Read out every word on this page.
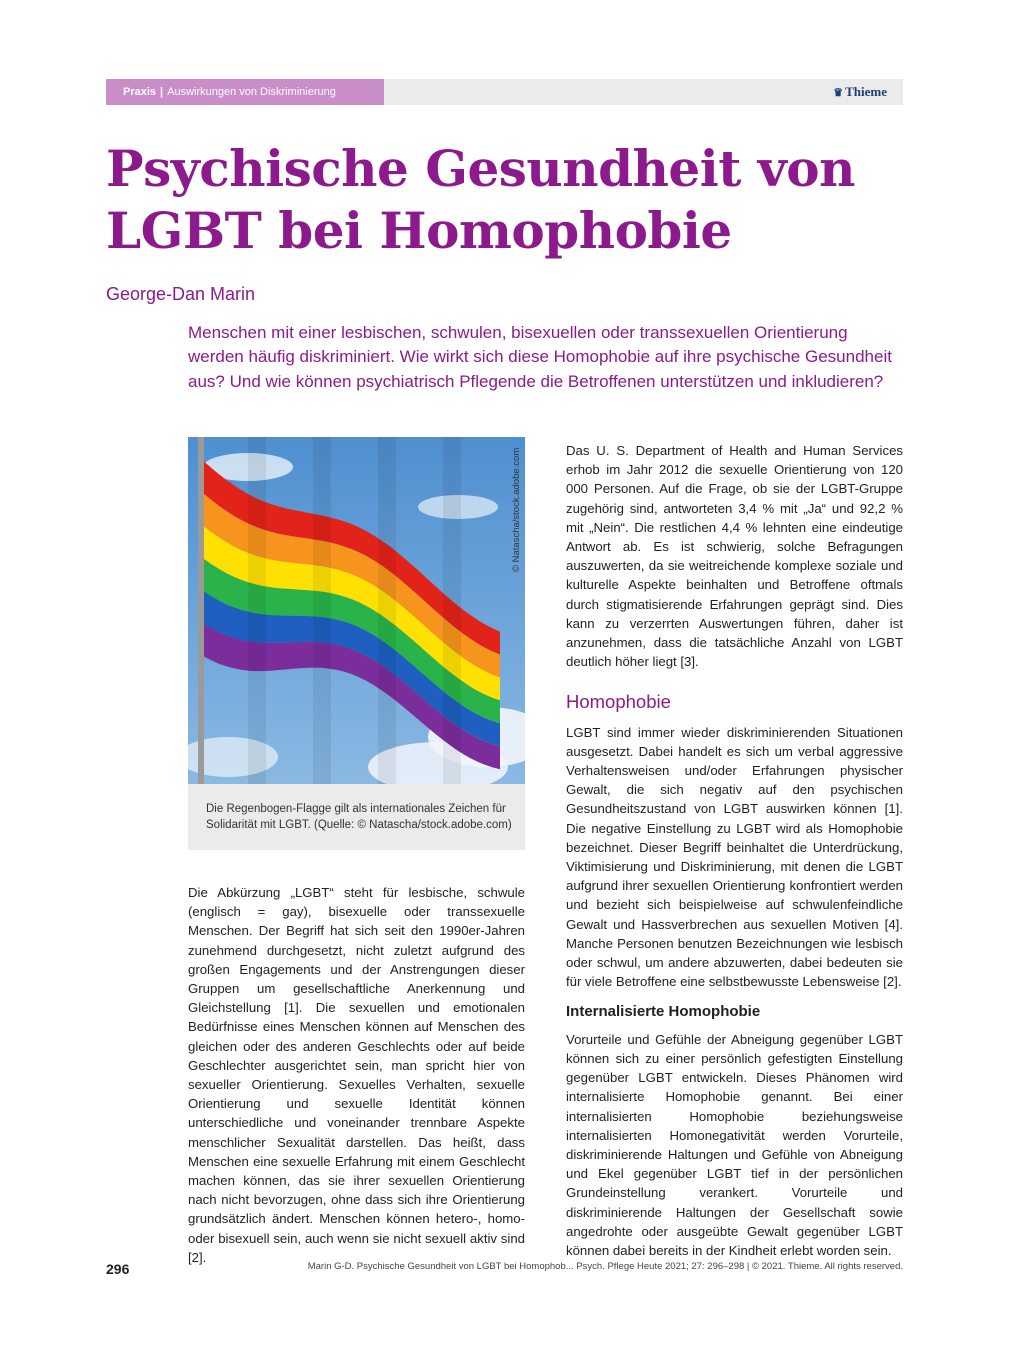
Praxis | Auswirkungen von Diskriminierung	♛ Thieme
Psychische Gesundheit von
LGBT bei Homophobie
George-Dan Marin

Menschen mit einer lesbischen, schwulen, bisexuellen oder transsexuellen Orientierung werden häufig diskriminiert. Wie wirkt sich diese Homophobie auf ihre psychische Gesundheit aus? Und wie können psychiatrisch Pflegende die Betroffenen unterstützen und inkludieren?

© Natascha/stock.adobe.com
Die Regenbogen-Flagge gilt als internationales Zeichen für Solidarität mit LGBT. (Quelle: © Natascha/stock.adobe.com)

Die Abkürzung „LGBT“ steht für lesbische, schwule (englisch = gay), bisexuelle oder transsexuelle Menschen. Der Begriff hat sich seit den 1990er-Jahren zunehmend durchgesetzt, nicht zuletzt aufgrund des großen Engagements und der Anstrengungen dieser Gruppen um gesellschaftliche Anerkennung und Gleichstellung [1]. Die sexuellen und emotionalen Bedürfnisse eines Menschen können auf Menschen des gleichen oder des anderen Geschlechts oder auf beide Geschlechter ausgerichtet sein, man spricht hier von sexueller Orientierung. Sexuelles Verhalten, sexuelle Orientierung und sexuelle Identität können unterschiedliche und voneinander trennbare Aspekte menschlicher Sexualität darstellen. Das heißt, dass Menschen eine sexuelle Erfahrung mit einem Geschlecht machen können, das sie ihrer sexuellen Orientierung nach nicht bevorzugen, ohne dass sich ihre Orientierung grundsätzlich ändert. Menschen können hetero-, homo- oder bisexuell sein, auch wenn sie nicht sexuell aktiv sind [2].

Das U. S. Department of Health and Human Services erhob im Jahr 2012 die sexuelle Orientierung von 120 000 Personen. Auf die Frage, ob sie der LGBT-Gruppe zugehörig sind, antworteten 3,4 % mit „Ja“ und 92,2 % mit „Nein“. Die restlichen 4,4 % lehnten eine eindeutige Antwort ab. Es ist schwierig, solche Befragungen auszuwerten, da sie weitreichende komplexe soziale und kulturelle Aspekte beinhalten und Betroffene oftmals durch stigmatisierende Erfahrungen geprägt sind. Dies kann zu verzerrten Auswertungen führen, daher ist anzunehmen, dass die tatsächliche Anzahl von LGBT deutlich höher liegt [3].

Homophobie

LGBT sind immer wieder diskriminierenden Situationen ausgesetzt. Dabei handelt es sich um verbal aggressive Verhaltensweisen und/oder Erfahrungen physischer Gewalt, die sich negativ auf den psychischen Gesundheitszustand von LGBT auswirken können [1]. Die negative Einstellung zu LGBT wird als Homophobie bezeichnet. Dieser Begriff beinhaltet die Unterdrückung, Viktimisierung und Diskriminierung, mit denen die LGBT aufgrund ihrer sexuellen Orientierung konfrontiert werden und bezieht sich beispielweise auf schwulenfeindliche Gewalt und Hassverbrechen aus sexuellen Motiven [4]. Manche Personen benutzen Bezeichnungen wie lesbisch oder schwul, um andere abzuwerten, dabei bedeuten sie für viele Betroffene eine selbstbewusste Lebensweise [2].

Internalisierte Homophobie

Vorurteile und Gefühle der Abneigung gegenüber LGBT können sich zu einer persönlich gefestigten Einstellung gegenüber LGBT entwickeln. Dieses Phänomen wird internalisierte Homophobie genannt. Bei einer internalisierten Homophobie beziehungsweise internalisierten Homonegativität werden Vorurteile, diskriminierende Haltungen und Gefühle von Abneigung und Ekel gegenüber LGBT tief in der persönlichen Grundeinstellung verankert. Vorurteile und diskriminierende Haltungen der Gesellschaft sowie angedrohte oder ausgeübte Gewalt gegenüber LGBT können dabei bereits in der Kindheit erlebt worden sein.

296	Marin G-D. Psychische Gesundheit von LGBT bei Homophob... Psych. Pflege Heute 2021; 27: 296–298 | © 2021. Thieme. All rights reserved.
